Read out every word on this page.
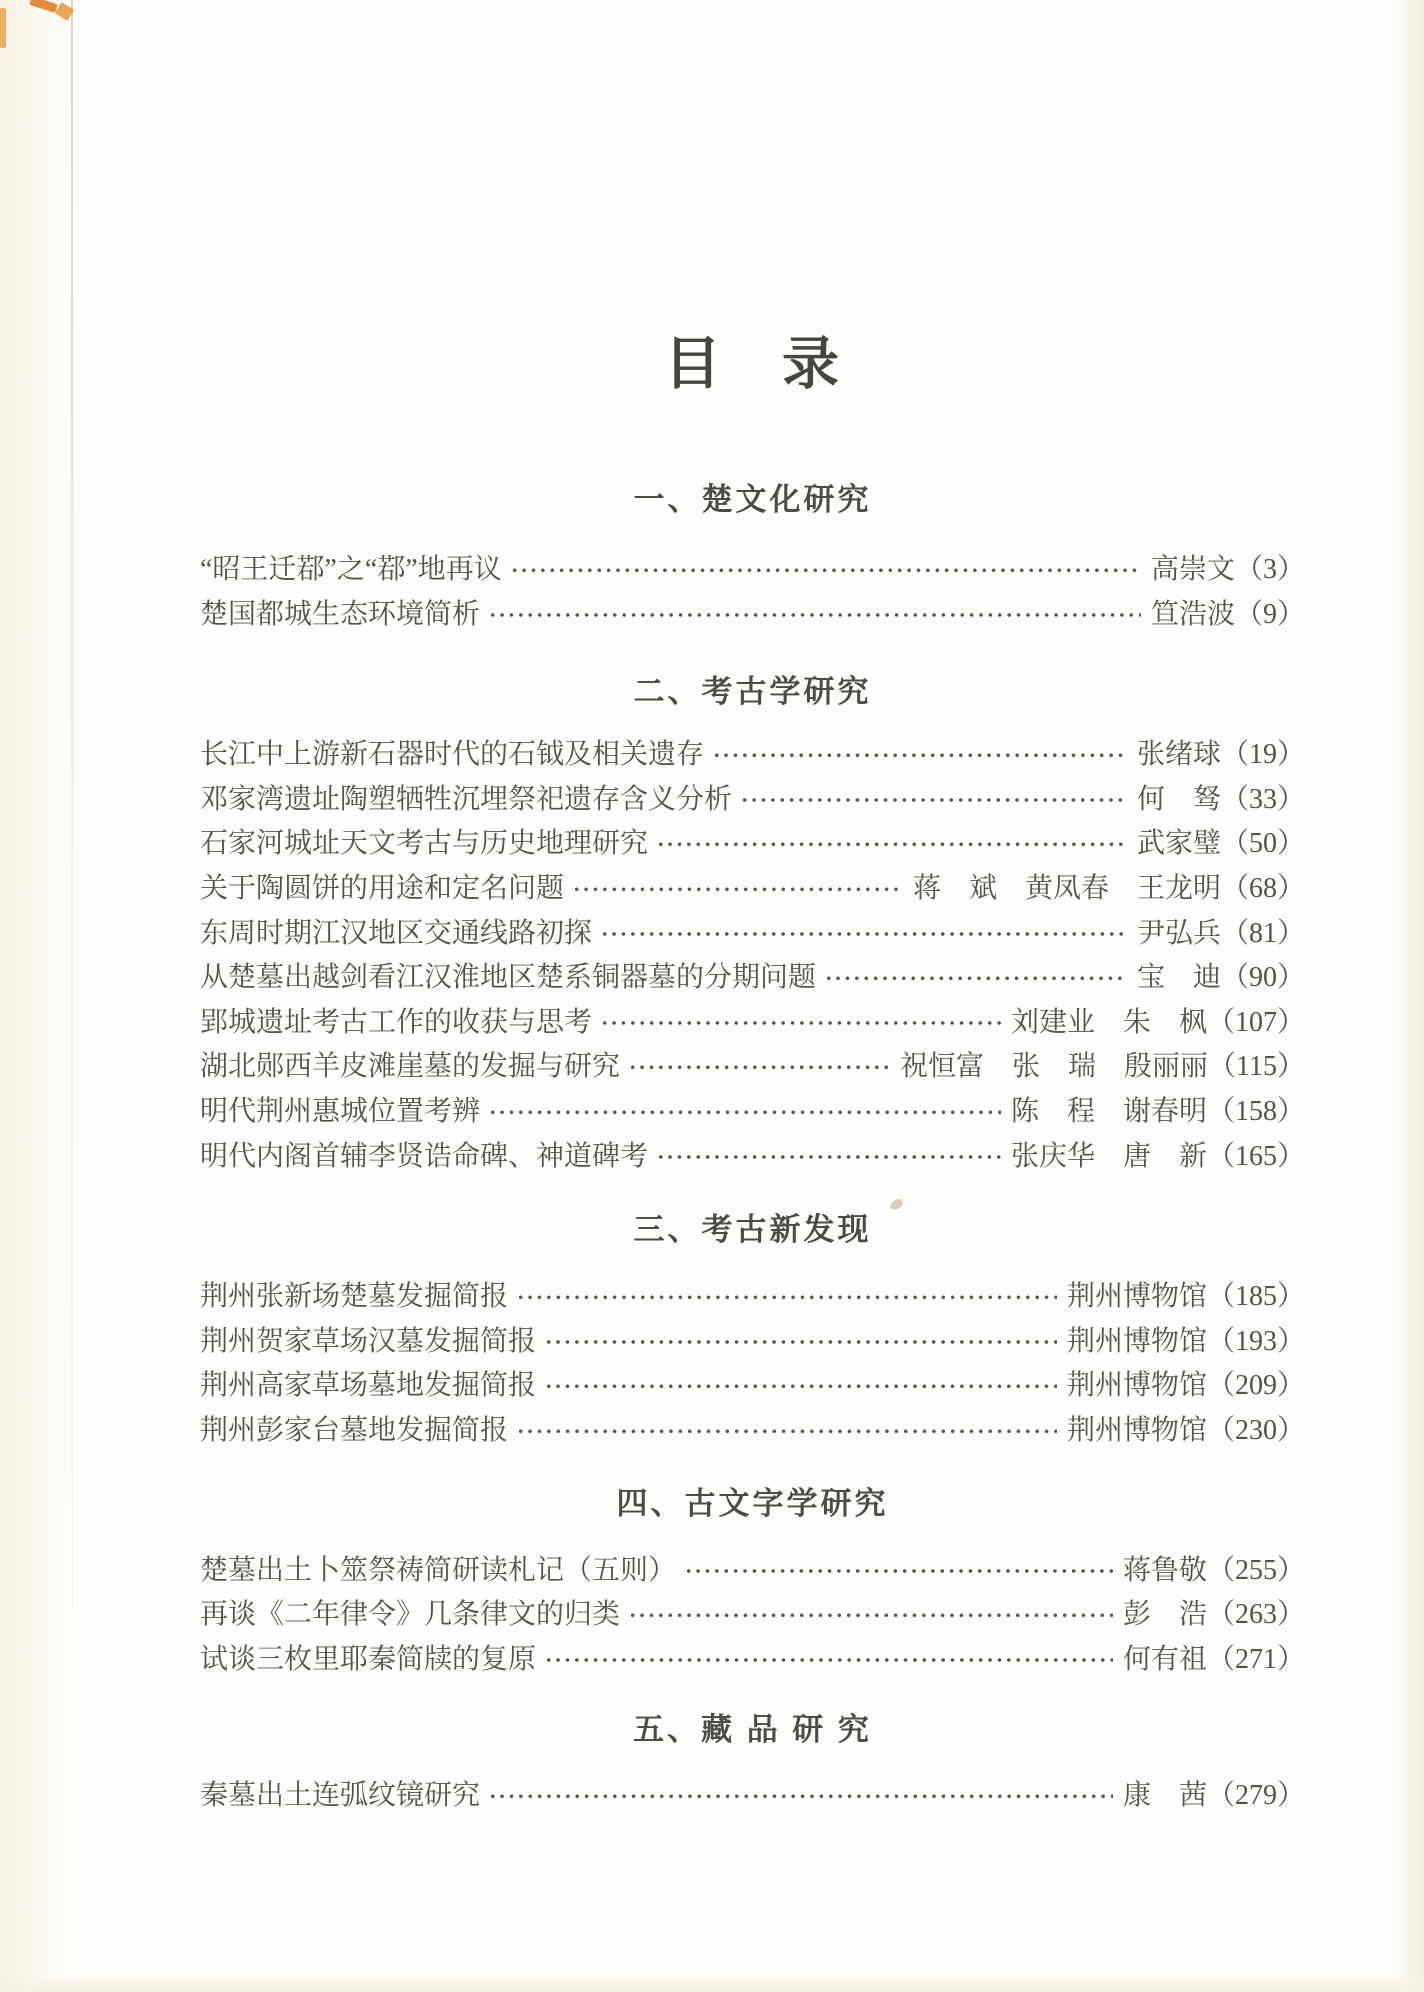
目　录
一、楚文化研究
“昭王迁鄀”之“鄀”地再议	高崇文 （3）
楚国都城生态环境简析	笪浩波 （9）
二、考古学研究
长江中上游新石器时代的石钺及相关遗存	张绪球 （19）
邓家湾遗址陶塑牺牲沉埋祭祀遗存含义分析	何　驽 （33）
石家河城址天文考古与历史地理研究	武家璧 （50）
关于陶圆饼的用途和定名问题	蒋　斌　黄凤春　王龙明 （68）
东周时期江汉地区交通线路初探	尹弘兵 （81）
从楚墓出越剑看江汉淮地区楚系铜器墓的分期问题	宝　迪 （90）
郢城遗址考古工作的收获与思考	刘建业　朱　枫 （107）
湖北郧西羊皮滩崖墓的发掘与研究	祝恒富　张　瑞　殷丽丽 （115）
明代荆州惠城位置考辨	陈　程　谢春明 （158）
明代内阁首辅李贤诰命碑、神道碑考	张庆华　唐　新 （165）
三、考古新发现
荆州张新场楚墓发掘简报	荆州博物馆 （185）
荆州贺家草场汉墓发掘简报	荆州博物馆 （193）
荆州高家草场墓地发掘简报	荆州博物馆 （209）
荆州彭家台墓地发掘简报	荆州博物馆 （230）
四、古文字学研究
楚墓出土卜筮祭祷简研读札记（五则）	蒋鲁敬 （255）
再谈《二年律令》几条律文的归类	彭　浩 （263）
试谈三枚里耶秦简牍的复原	何有祖 （271）
五、藏 品 研 究
秦墓出土连弧纹镜研究	康　茜 （279）
